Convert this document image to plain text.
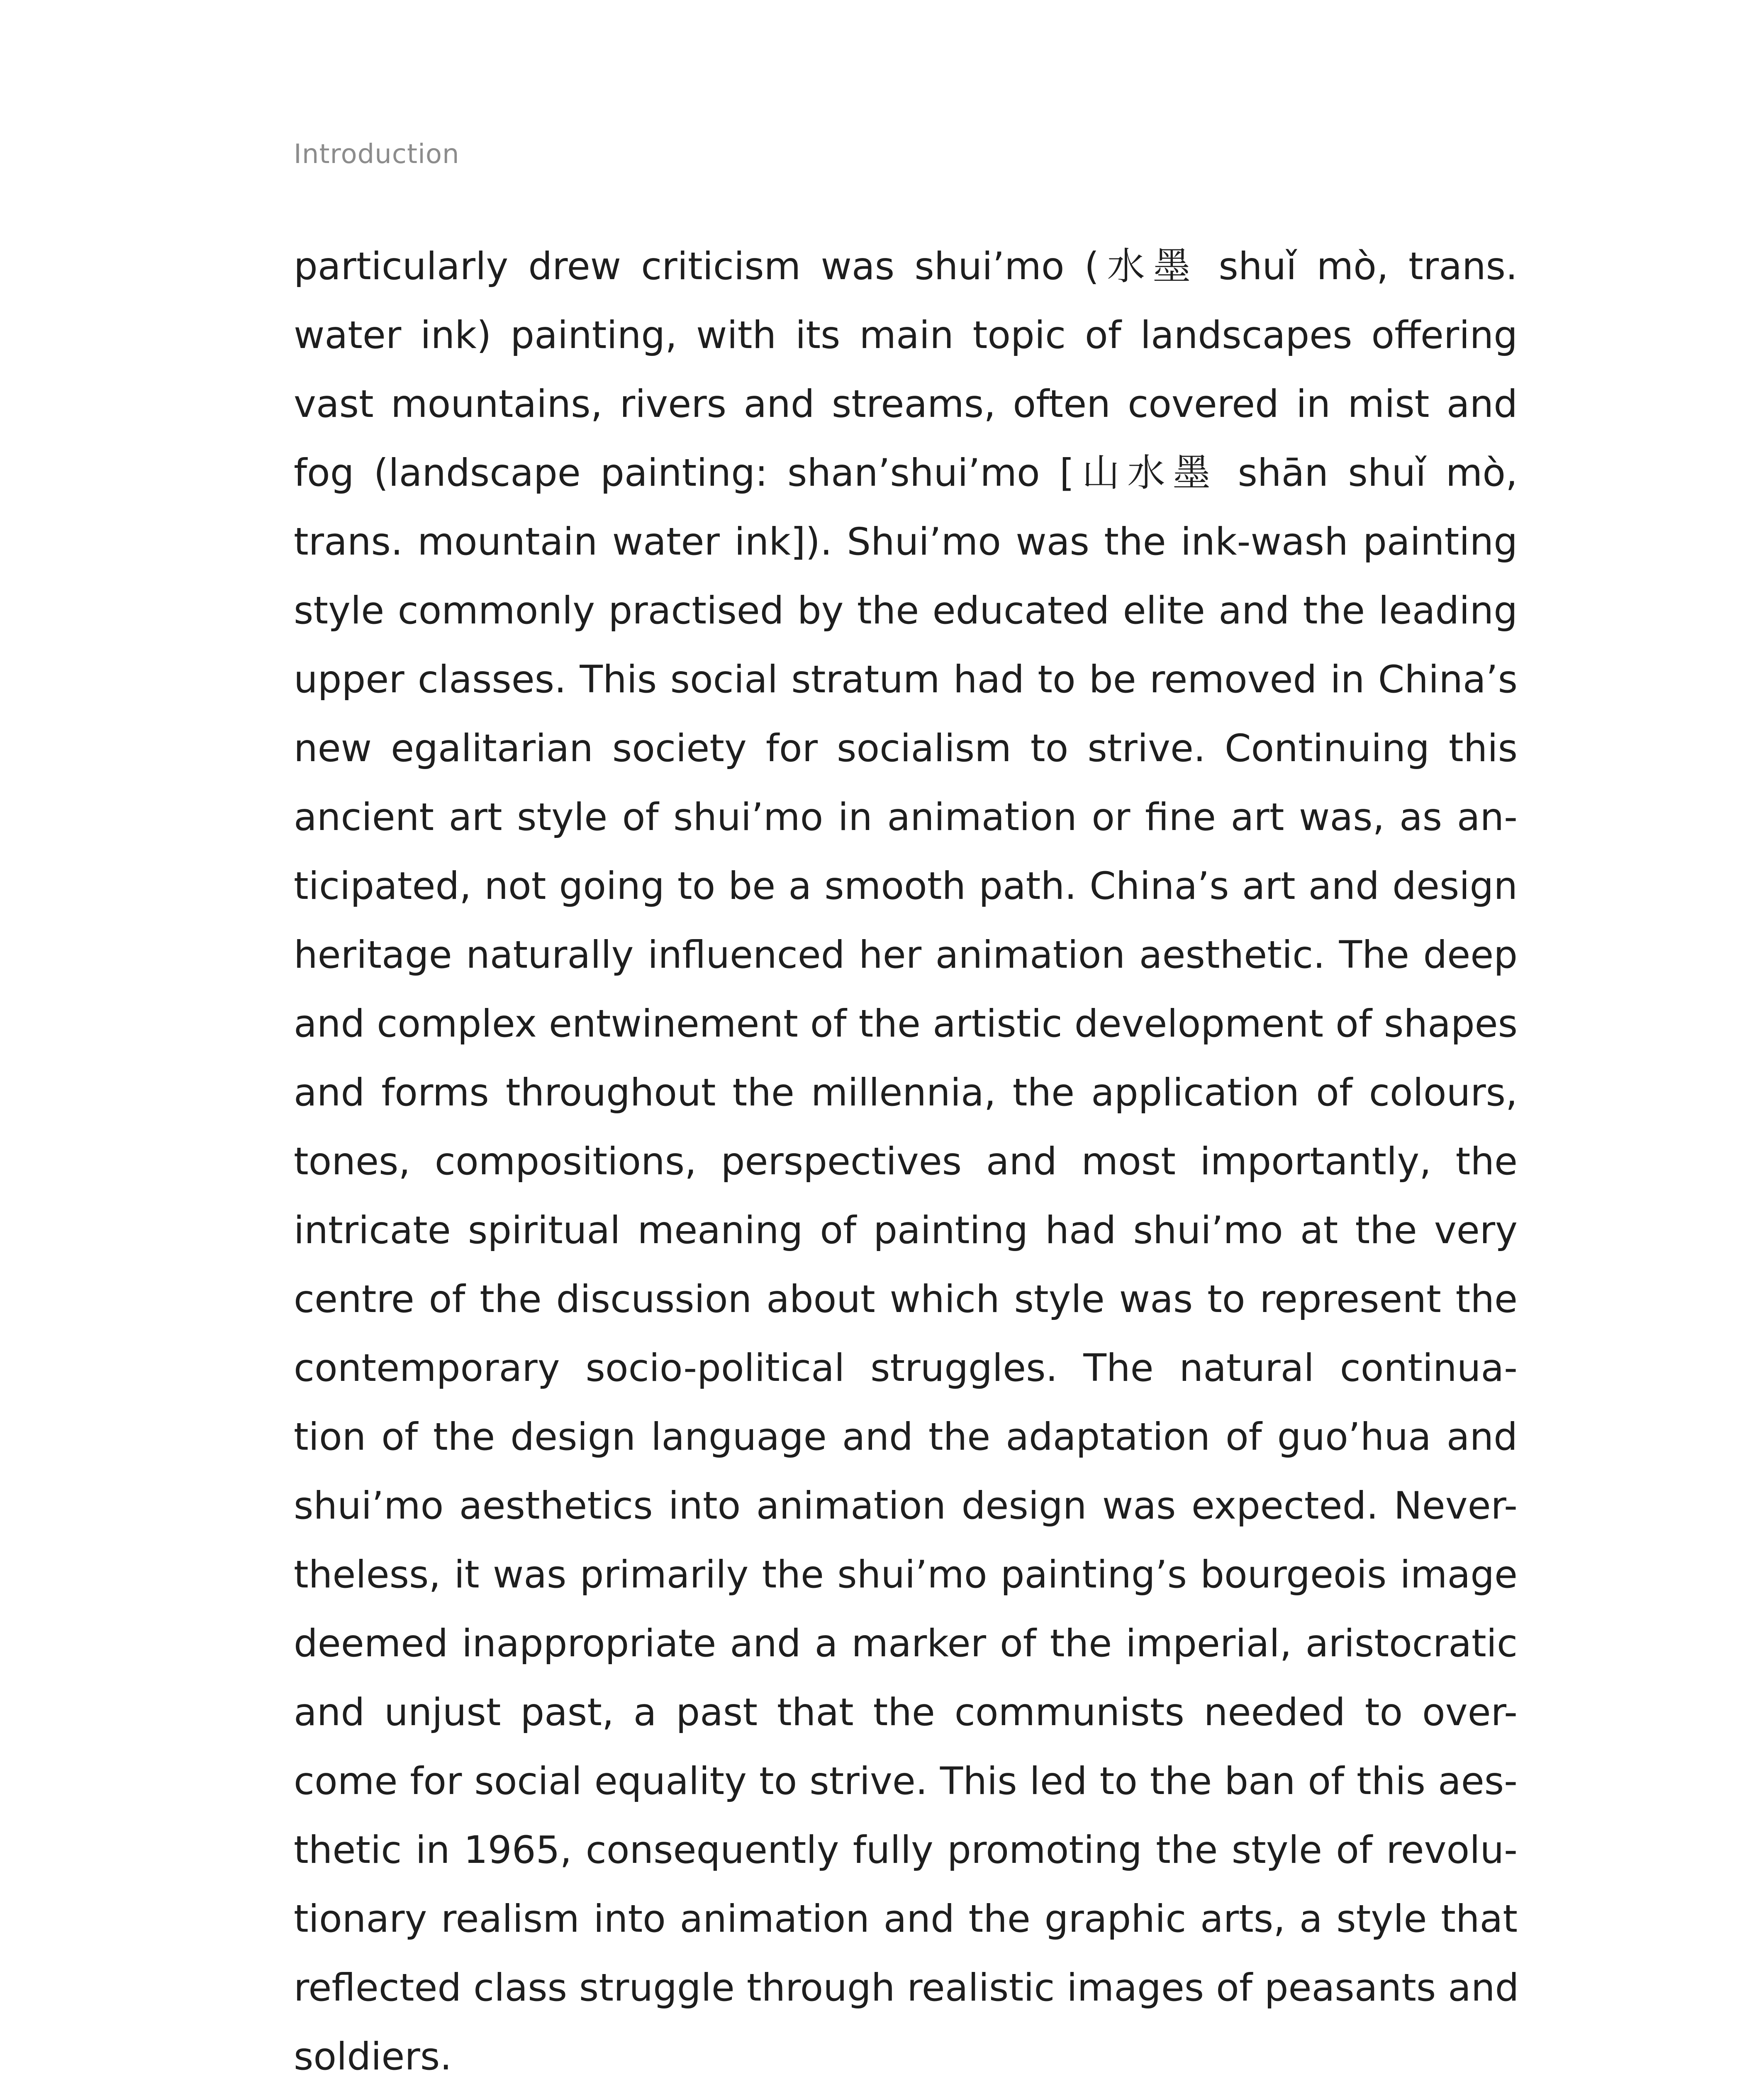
Introduction
particularly drew criticism was shui’mo (水墨 shuǐ mò, trans.
water ink) painting, with its main topic of landscapes offering
vast mountains, rivers and streams, often covered in mist and
fog (landscape painting: shan’shui’mo [山水墨 shān shuǐ mò,
trans. mountain water ink]). Shui’mo was the ink-wash painting
style commonly practised by the educated elite and the leading
upper classes. This social stratum had to be removed in China’s
new egalitarian society for socialism to strive. Continuing this
ancient art style of shui’mo in animation or fine art was, as an-
ticipated, not going to be a smooth path. China’s art and design
heritage naturally influenced her animation aesthetic. The deep
and complex entwinement of the artistic development of shapes
and forms throughout the millennia, the application of colours,
tones, compositions, perspectives and most importantly, the
intricate spiritual meaning of painting had shui’mo at the very
centre of the discussion about which style was to represent the
contemporary socio-political struggles. The natural continua-
tion of the design language and the adaptation of guo’hua and
shui’mo aesthetics into animation design was expected. Never-
theless, it was primarily the shui’mo painting’s bourgeois image
deemed inappropriate and a marker of the imperial, aristocratic
and unjust past, a past that the communists needed to over-
come for social equality to strive. This led to the ban of this aes-
thetic in 1965, consequently fully promoting the style of revolu-
tionary realism into animation and the graphic arts, a style that
reflected class struggle through realistic images of peasants and
soldiers.
